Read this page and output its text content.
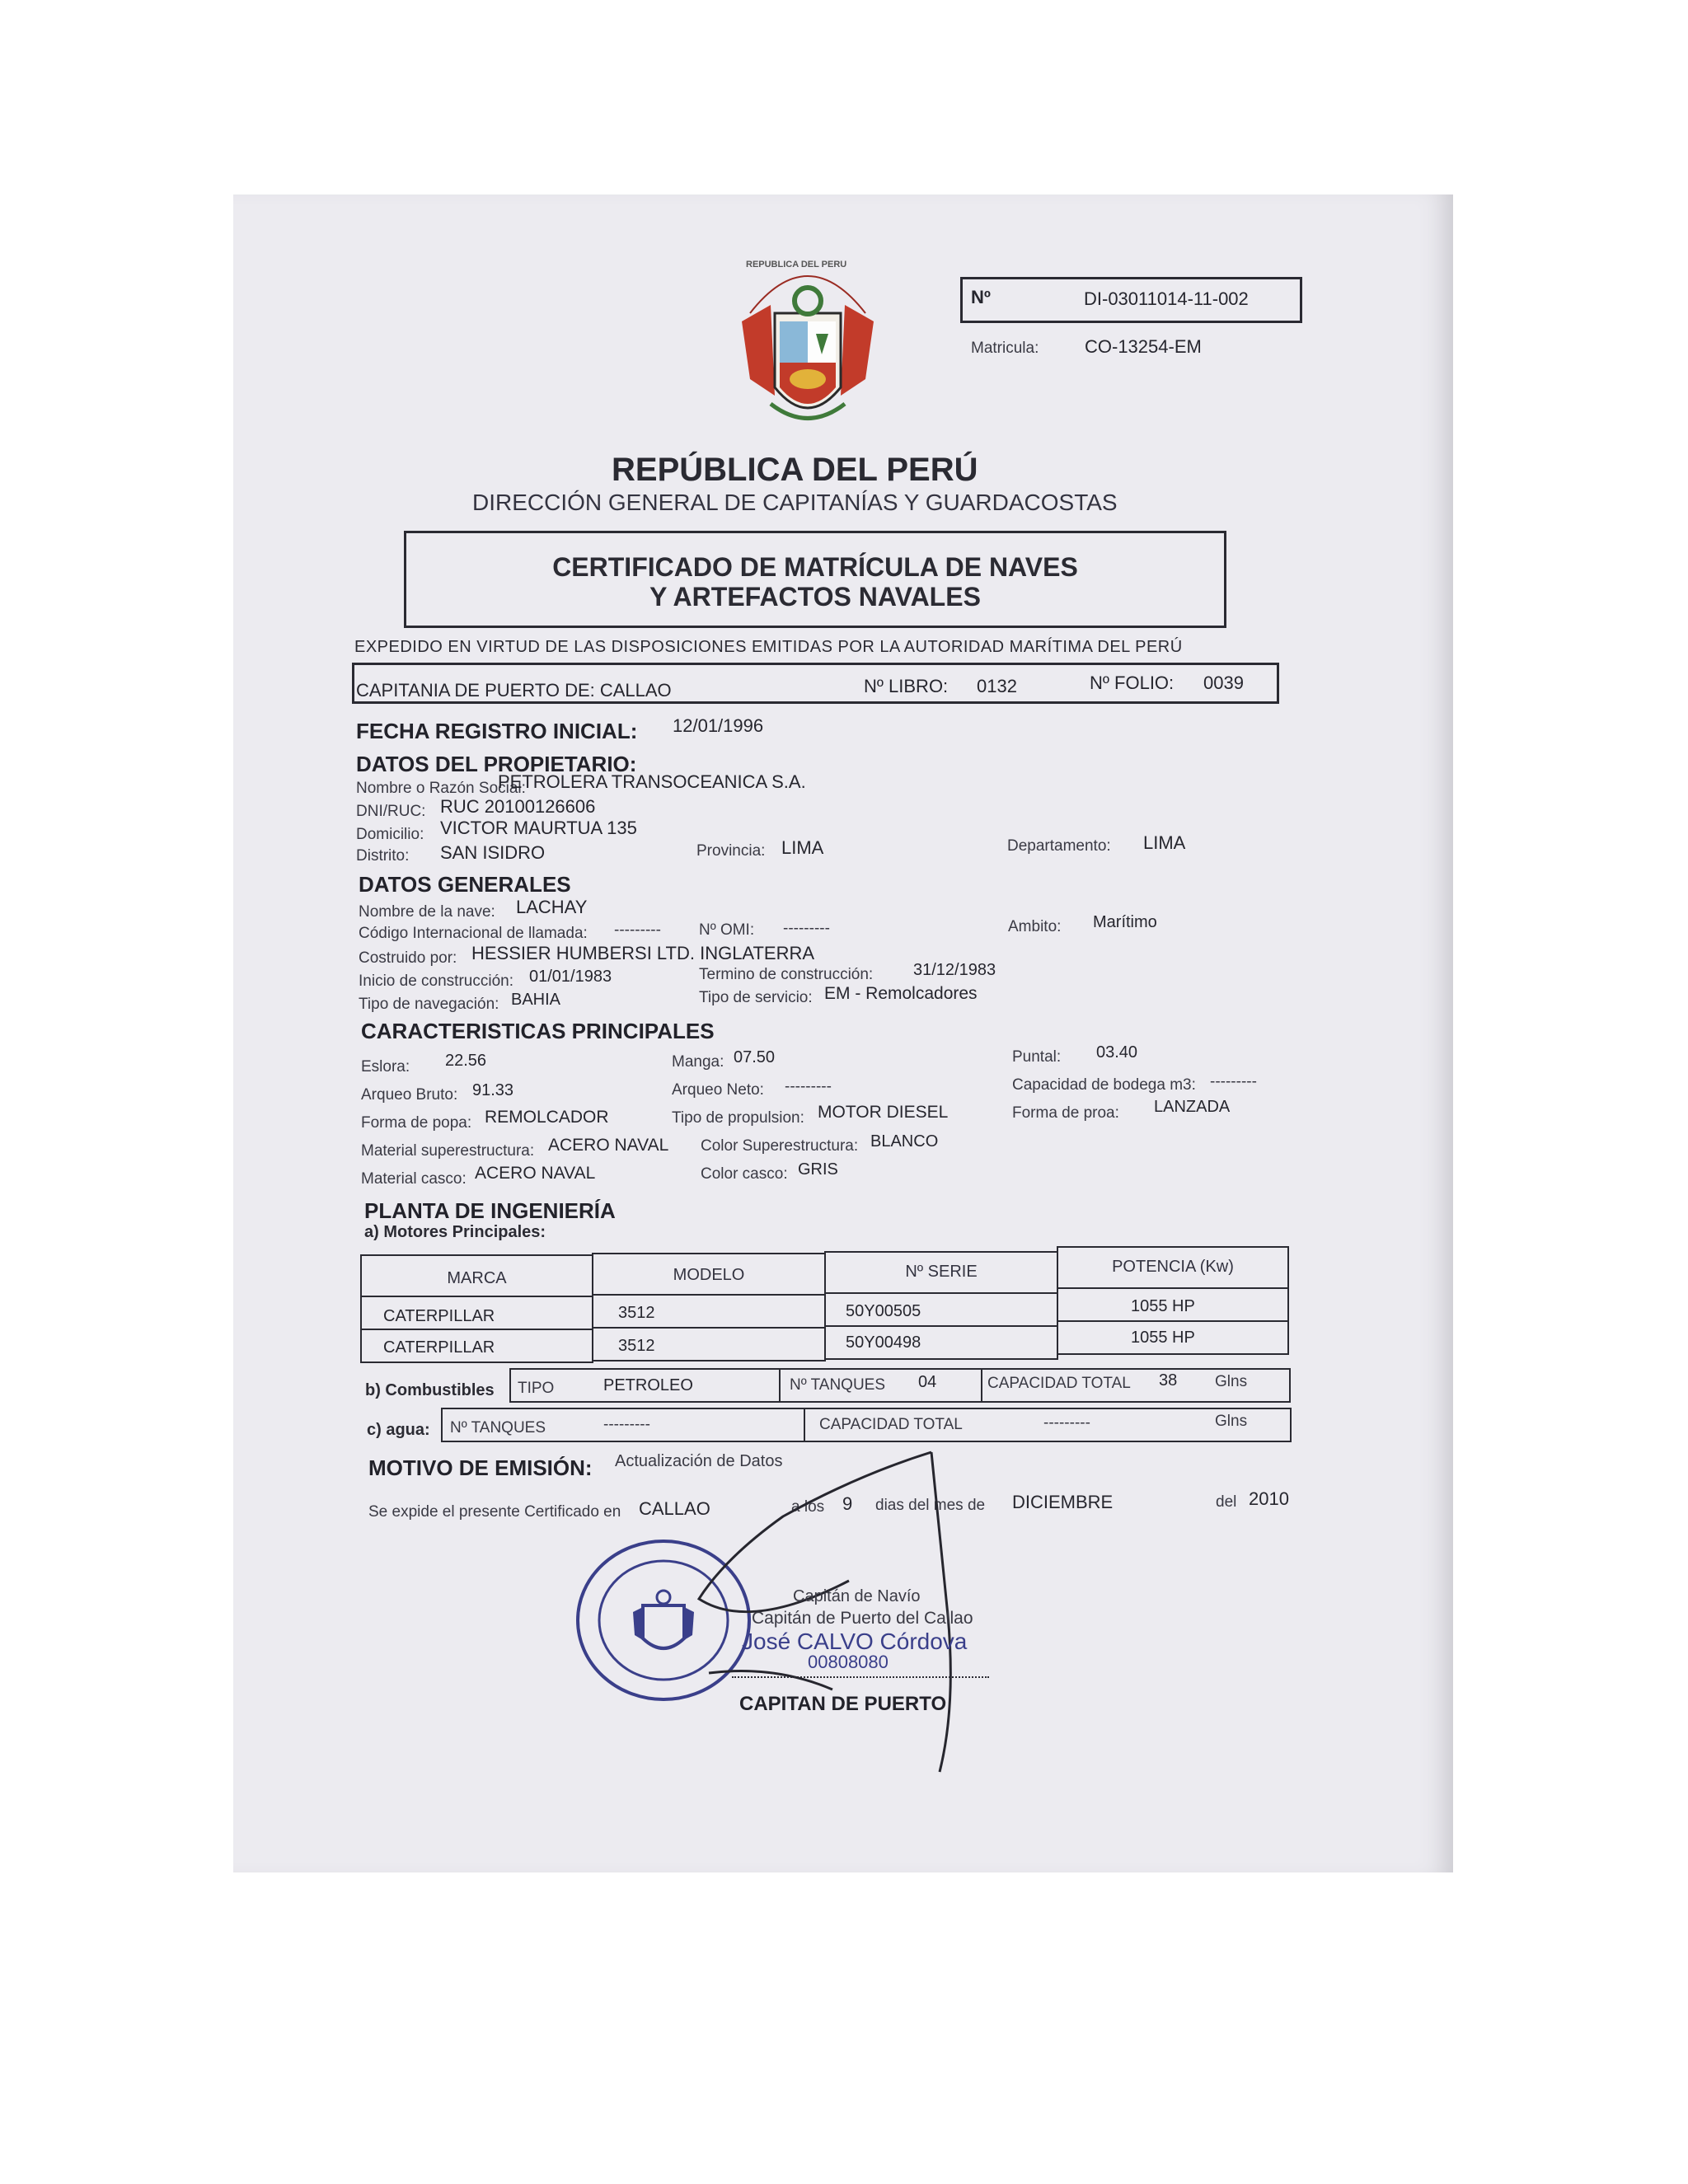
REPUBLICA DEL PERU
Nº	DI-03011014-11-002
Matricula:	CO-13254-EM
REPÚBLICA DEL PERÚ
DIRECCIÓN GENERAL DE CAPITANÍAS Y GUARDACOSTAS
CERTIFICADO DE MATRÍCULA DE NAVES
Y ARTEFACTOS NAVALES
EXPEDIDO EN VIRTUD DE LAS DISPOSICIONES EMITIDAS POR LA AUTORIDAD MARÍTIMA DEL PERÚ
CAPITANIA DE PUERTO DE: CALLAO	Nº LIBRO: 0132	Nº FOLIO: 0039
FECHA REGISTRO INICIAL: 12/01/1996
DATOS DEL PROPIETARIO:
Nombre o Razón Social:
PETROLERA TRANSOCEANICA S.A.
DNI/RUC: RUC 20100126606
Domicilio: VICTOR MAURTUA 135
Distrito: SAN ISIDRO	Provincia: LIMA	Departamento: LIMA
DATOS GENERALES
Nombre de la nave: LACHAY
Código Internacional de llamada: --------- Nº OMI: ---------	Ambito: Marítimo
Costruido por: HESSIER HUMBERSI LTD. INGLATERRA
Inicio de construcción: 01/01/1983	Termino de construcción: 31/12/1983
Tipo de navegación: BAHIA	Tipo de servicio: EM - Remolcadores
CARACTERISTICAS PRINCIPALES
Eslora: 22.56	Manga: 07.50	Puntal: 03.40
Arqueo Bruto: 91.33	Arqueo Neto: ---------	Capacidad de bodega m3: ---------
Forma de popa: REMOLCADOR	Tipo de propulsion: MOTOR DIESEL	Forma de proa: LANZADA
Material superestructura: ACERO NAVAL Color Superestructura: BLANCO
Material casco: ACERO NAVAL	Color casco: GRIS
PLANTA DE INGENIERÍA
a) Motores Principales:
MARCA	MODELO	Nº SERIE	POTENCIA (Kw)
CATERPILLAR	3512	50Y00505	1055 HP
CATERPILLAR	3512	50Y00498	1055 HP
b) Combustibles TIPO	PETROLEO	Nº TANQUES 04	CAPACIDAD TOTAL 38 Glns
c) agua: Nº TANQUES	---------	CAPACIDAD TOTAL	---------	Glns
MOTIVO DE EMISIÓN: Actualización de Datos
Se expide el presente Certificado en CALLAO	a los 9 dias del mes de DICIEMBRE	del 2010
Capitán de Navío
Capitán de Puerto del Callao
José CALVO Córdova
00808080
CAPITAN DE PUERTO
